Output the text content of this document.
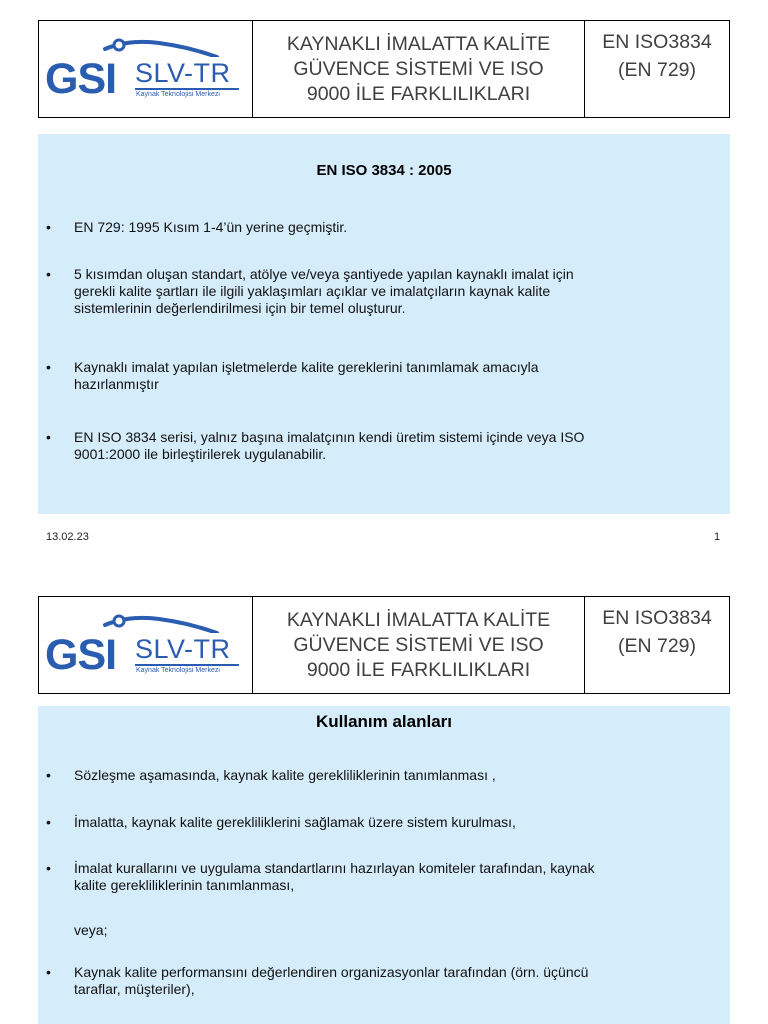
GSI SLV-TR
Kaynak Teknolojisi Merkezi
KAYNAKLI İMALATTA KALİTE
GÜVENCE SİSTEMİ VE ISO
9000 İLE FARKLILIKLARI
EN ISO3834
(EN 729)
EN ISO 3834 : 2005
•	EN 729: 1995 Kısım 1-4’ün yerine geçmiştir.
•	5 kısımdan oluşan standart, atölye ve/veya şantiyede yapılan kaynaklı imalat için
gerekli kalite şartları ile ilgili yaklaşımları açıklar ve imalatçıların kaynak kalite
sistemlerinin değerlendirilmesi için bir temel oluşturur.
•	Kaynaklı imalat yapılan işletmelerde kalite gereklerini tanımlamak amacıyla
hazırlanmıştır
•	EN ISO 3834 serisi, yalnız başına imalatçının kendi üretim sistemi içinde veya ISO
9001:2000 ile birleştirilerek uygulanabilir.
13.02.23	1
GSI SLV-TR
Kaynak Teknolojisi Merkezi
KAYNAKLI İMALATTA KALİTE
GÜVENCE SİSTEMİ VE ISO
9000 İLE FARKLILIKLARI
EN ISO3834
(EN 729)
Kullanım alanları
•	Sözleşme aşamasında, kaynak kalite gerekliliklerinin tanımlanması ,
•	İmalatta, kaynak kalite gerekliliklerini sağlamak üzere sistem kurulması,
•	İmalat kurallarını ve uygulama standartlarını hazırlayan komiteler tarafından, kaynak
kalite gerekliliklerinin tanımlanması,
veya;
•	Kaynak kalite performansını değerlendiren organizasyonlar tarafından (örn. üçüncü
taraflar, müşteriler),
